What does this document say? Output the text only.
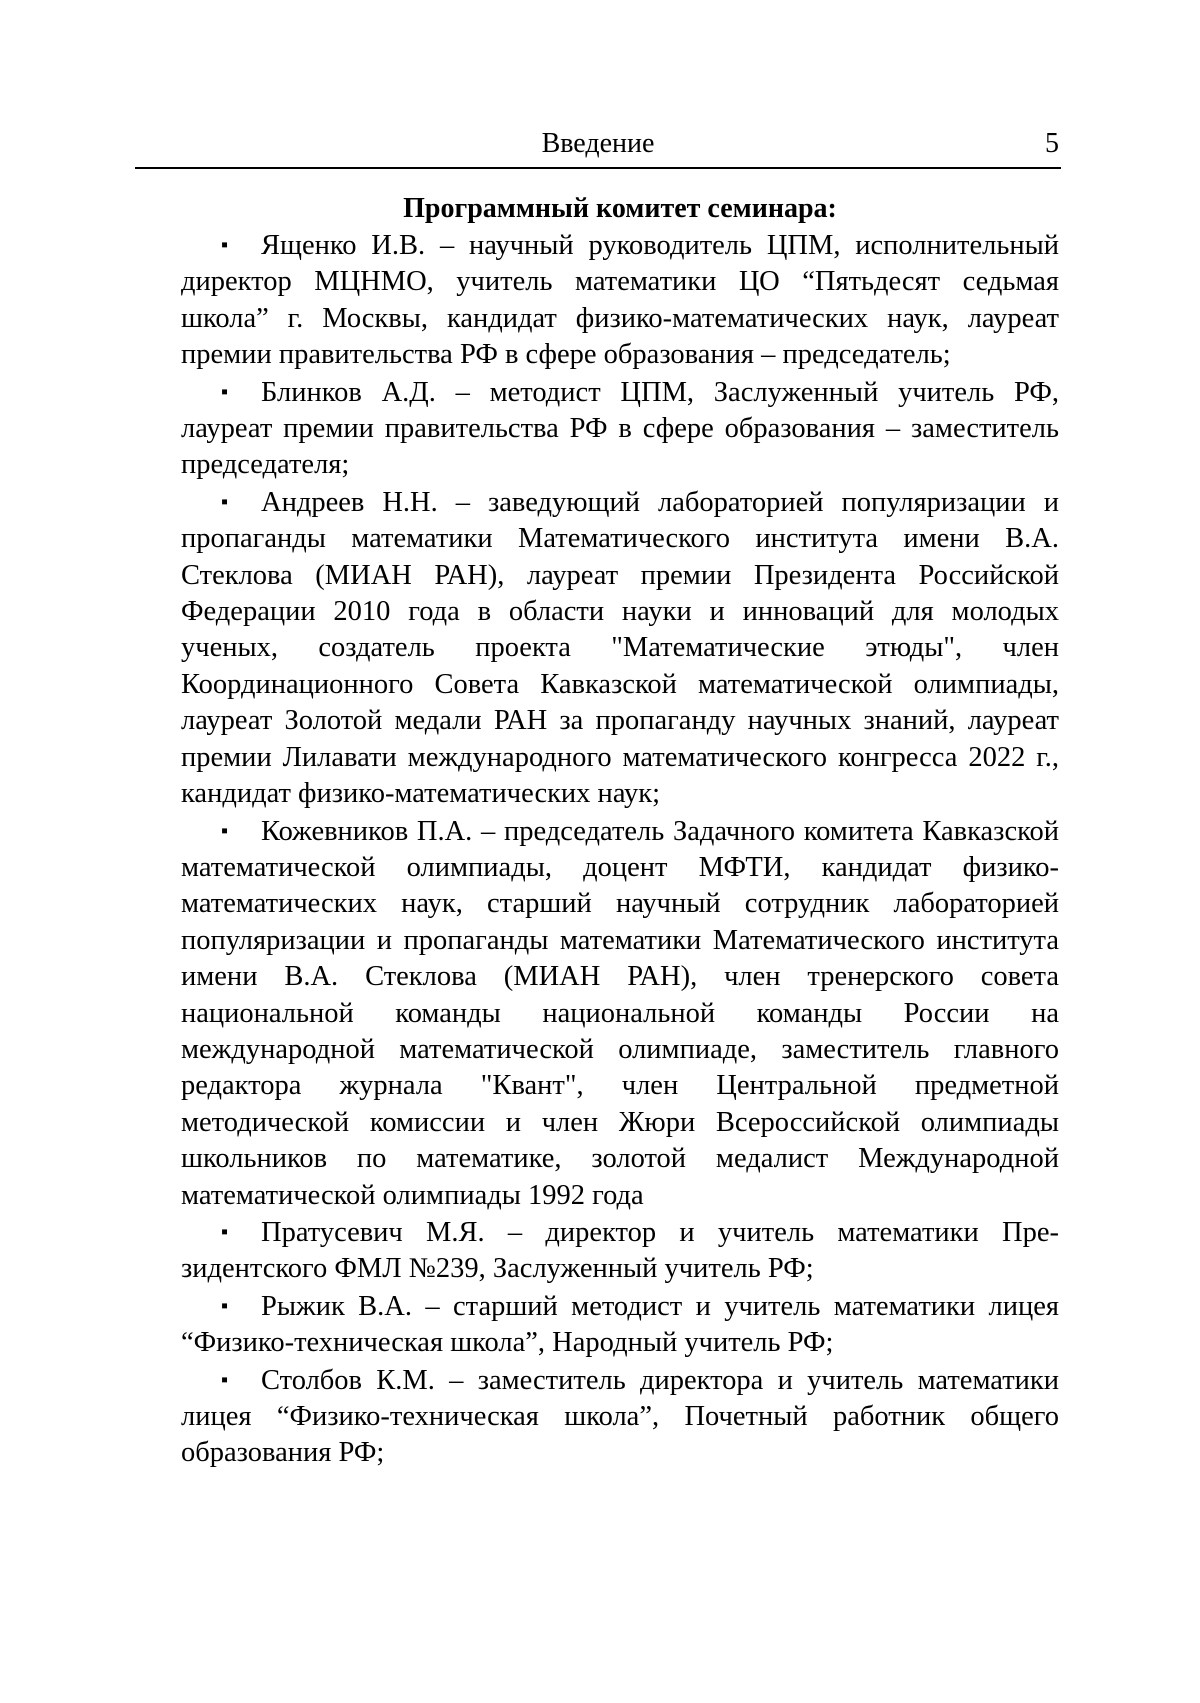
Введение	5

Программный комитет семинара:

▪ Ященко И.В. – научный руководитель ЦПМ, исполни­тельный директор МЦНМО, учитель математики ЦО “Пятьде­сят седьмая школа” г. Москвы, кандидат физико-математических наук, лауреат премии правительства РФ в сфере образования – председатель;

▪ Блинков А.Д. – методист ЦПМ, Заслуженный учитель РФ, лауреат премии правительства РФ в сфере образования – замес­титель председателя;

▪ Андреев Н.Н. – заведующий лабораторией популяризации и пропаганды математики Математического института имени В.А. Стеклова (МИАН РАН), лауреат премии Президента Рос­сийской Федерации 2010 года в области науки и инноваций для молодых ученых, создатель проекта "Математические этюды", член Координационного Совета Кавказской математической олимпиады, лауреат Золотой медали РАН за пропаганду науч­ных знаний, лауреат премии Лилавати международного мате­матического конгресса 2022 г., кандидат физико-математических наук;

▪ Кожевников П.А. – председатель Задачного комитета Кав­казской математической олимпиады, доцент МФТИ, кандидат физико-математических наук, старший научный сотрудник ла­бораторией популяризации и пропаганды математики Матема­тического института имени В.А. Стеклова (МИАН РАН), член тренерского совета национальной команды национальной ко­манды России на международной математической олимпиаде, заместитель главного редактора журнала "Квант", член Цен­тральной предметной методической комиссии и член Жюри Всероссийской олимпиады школьников по математике, золотой медалист Международной математической олимпиады 1992 года

▪ Пратусевич М.Я. – директор и учитель математики Пре­зидентского ФМЛ №239, Заслуженный учитель РФ;

▪ Рыжик В.А. – старший методист и учитель математики лицея “Физико-техническая школа”, Народный учитель РФ;

▪ Столбов К.М. – заместитель директора и учитель матема­тики лицея “Физико-техническая школа”, Почетный работник общего образования РФ;
